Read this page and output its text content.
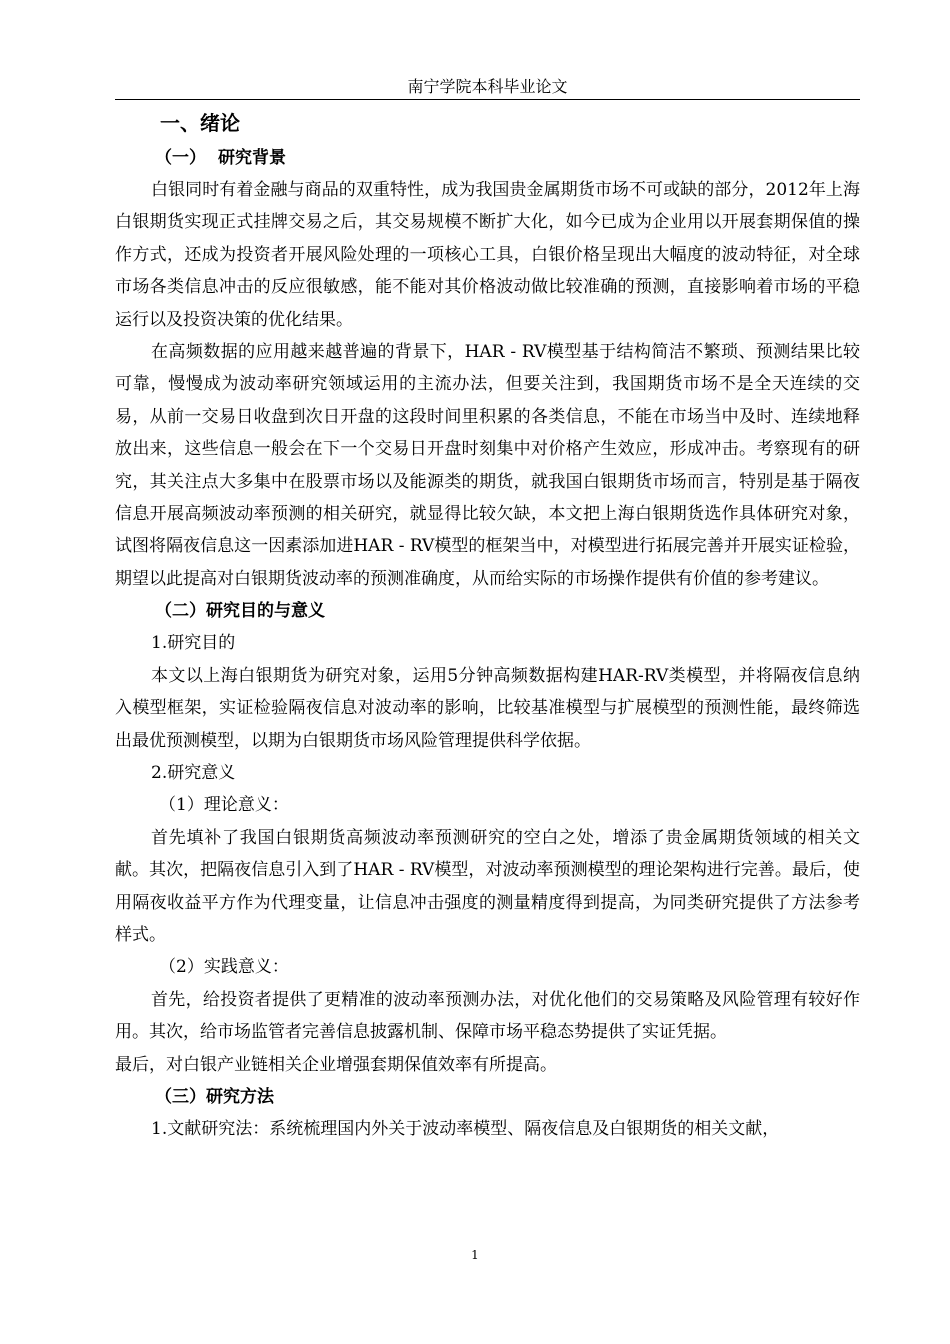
南宁学院本科毕业论文
一、绪论
（一） 研究背景

白银同时有着金融与商品的双重特性，成为我国贵金属期货市场不可或缺的部分，2012年上海白银期货实现正式挂牌交易之后，其交易规模不断扩大化，如今已成为企业用以开展套期保值的操作方式，还成为投资者开展风险处理的一项核心工具，白银价格呈现出大幅度的波动特征，对全球市场各类信息冲击的反应很敏感，能不能对其价格波动做比较准确的预测，直接影响着市场的平稳运行以及投资决策的优化结果。

在高频数据的应用越来越普遍的背景下，HAR - RV模型基于结构简洁不繁琐、预测结果比较可靠，慢慢成为波动率研究领域运用的主流办法，但要关注到，我国期货市场不是全天连续的交易，从前一交易日收盘到次日开盘的这段时间里积累的各类信息，不能在市场当中及时、连续地释放出来，这些信息一般会在下一个交易日开盘时刻集中对价格产生效应，形成冲击。考察现有的研究，其关注点大多集中在股票市场以及能源类的期货，就我国白银期货市场而言，特别是基于隔夜信息开展高频波动率预测的相关研究，就显得比较欠缺，本文把上海白银期货选作具体研究对象，试图将隔夜信息这一因素添加进HAR - RV模型的框架当中，对模型进行拓展完善并开展实证检验，期望以此提高对白银期货波动率的预测准确度，从而给实际的市场操作提供有价值的参考建议。

（二）研究目的与意义

1.研究目的

本文以上海白银期货为研究对象，运用5分钟高频数据构建HAR-RV类模型，并将隔夜信息纳入模型框架，实证检验隔夜信息对波动率的影响，比较基准模型与扩展模型的预测性能，最终筛选出最优预测模型，以期为白银期货市场风险管理提供科学依据。

2.研究意义

（1）理论意义：

首先填补了我国白银期货高频波动率预测研究的空白之处，增添了贵金属期货领域的相关文献。其次，把隔夜信息引入到了HAR - RV模型，对波动率预测模型的理论架构进行完善。最后，使用隔夜收益平方作为代理变量，让信息冲击强度的测量精度得到提高，为同类研究提供了方法参考样式。

（2）实践意义：

首先，给投资者提供了更精准的波动率预测办法，对优化他们的交易策略及风险管理有较好作用。其次，给市场监管者完善信息披露机制、保障市场平稳态势提供了实证凭据。

最后，对白银产业链相关企业增强套期保值效率有所提高。

（三）研究方法

1.文献研究法：系统梳理国内外关于波动率模型、隔夜信息及白银期货的相关文献，

1
